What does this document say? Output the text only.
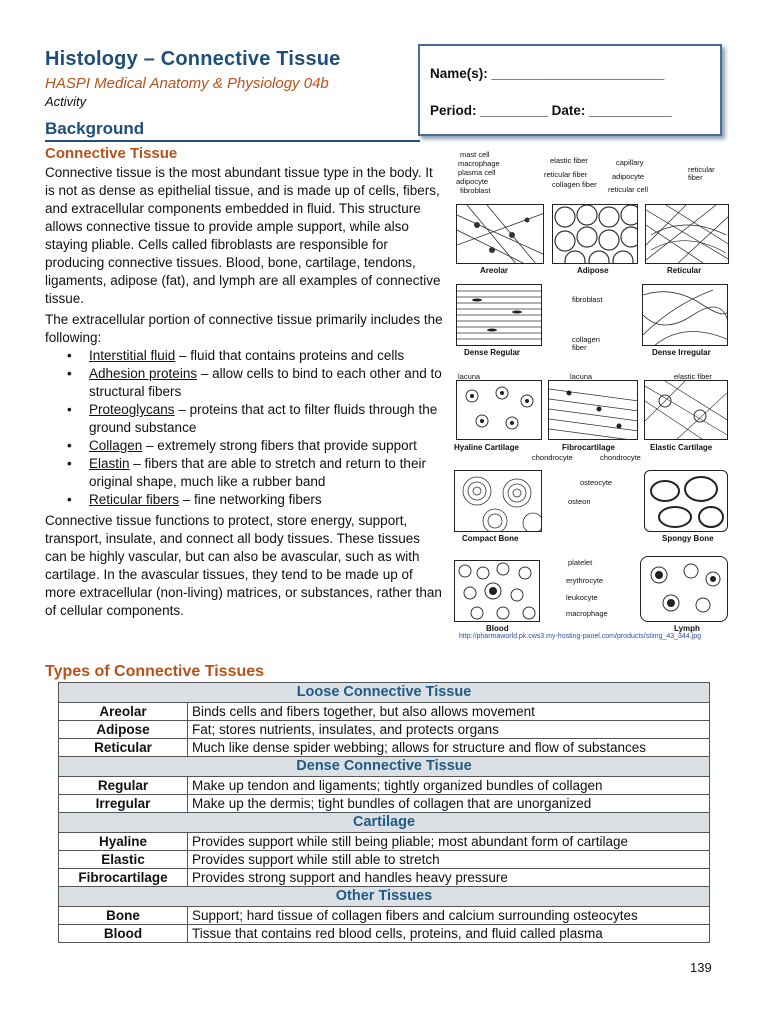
Histology – Connective Tissue
HASPI Medical Anatomy & Physiology 04b
Activity
Background
Name(s): _______________________
Period: _________ Date: ___________
Connective Tissue

Connective tissue is the most abundant tissue type in the body. It is not as dense as epithelial tissue, and is made up of cells, fibers, and extracellular components embedded in fluid. This structure allows connective tissue to provide ample support, while also staying pliable. Cells called fibroblasts are responsible for producing connective tissues. Blood, bone, cartilage, tendons, ligaments, adipose (fat), and lymph are all examples of connective tissue.

The extracellular portion of connective tissue primarily includes the following:

• Interstitial fluid – fluid that contains proteins and cells
• Adhesion proteins – allow cells to bind to each other and to structural fibers
• Proteoglycans – proteins that act to filter fluids through the ground substance
• Collagen – extremely strong fibers that provide support
• Elastin – fibers that are able to stretch and return to their original shape, much like a rubber band
• Reticular fibers – fine networking fibers

Connective tissue functions to protect, store energy, support, transport, insulate, and connect all body tissues. These tissues can be highly vascular, but can also be avascular, such as with cartilage. In the avascular tissues, they tend to be made up of more extracellular (non-living) matrices, or substances, rather than of cellular components.

Areolar	Adipose	Reticular
mast cell
macrophage
plasma cell
adipocyte
fibroblast
elastic fiber
reticular fiber
collagen fiber
capillary
adipocyte
reticular cell
reticular fiber
Dense Regular	Dense Irregular
fibroblast
collagen fiber
lacuna	lacuna	elastic fiber
Hyaline Cartilage	Fibrocartilage	Elastic Cartilage
chondrocyte	chondrocyte
osteocyte
osteon
Compact Bone	Spongy Bone
platelet
erythrocyte
leukocyte
macrophage
Blood	Lymph
http://pharmaworld.pk.cws3.my-hosting-panel.com/products/stimg_43_344.jpg
Types of Connective Tissues
Loose Connective Tissue	
Areolar	Binds cells and fibers together, but also allows movement
Adipose	Fat; stores nutrients, insulates, and protects organs
Reticular	Much like dense spider webbing; allows for structure and flow of substances
Dense Connective Tissue	
Regular	Make up tendon and ligaments; tightly organized bundles of collagen
Irregular	Make up the dermis; tight bundles of collagen that are unorganized
Cartilage	
Hyaline	Provides support while still being pliable; most abundant form of cartilage
Elastic	Provides support while still able to stretch
Fibrocartilage	Provides strong support and handles heavy pressure
Other Tissues	
Bone	Support; hard tissue of collagen fibers and calcium surrounding osteocytes
Blood	Tissue that contains red blood cells, proteins, and fluid called plasma
139
